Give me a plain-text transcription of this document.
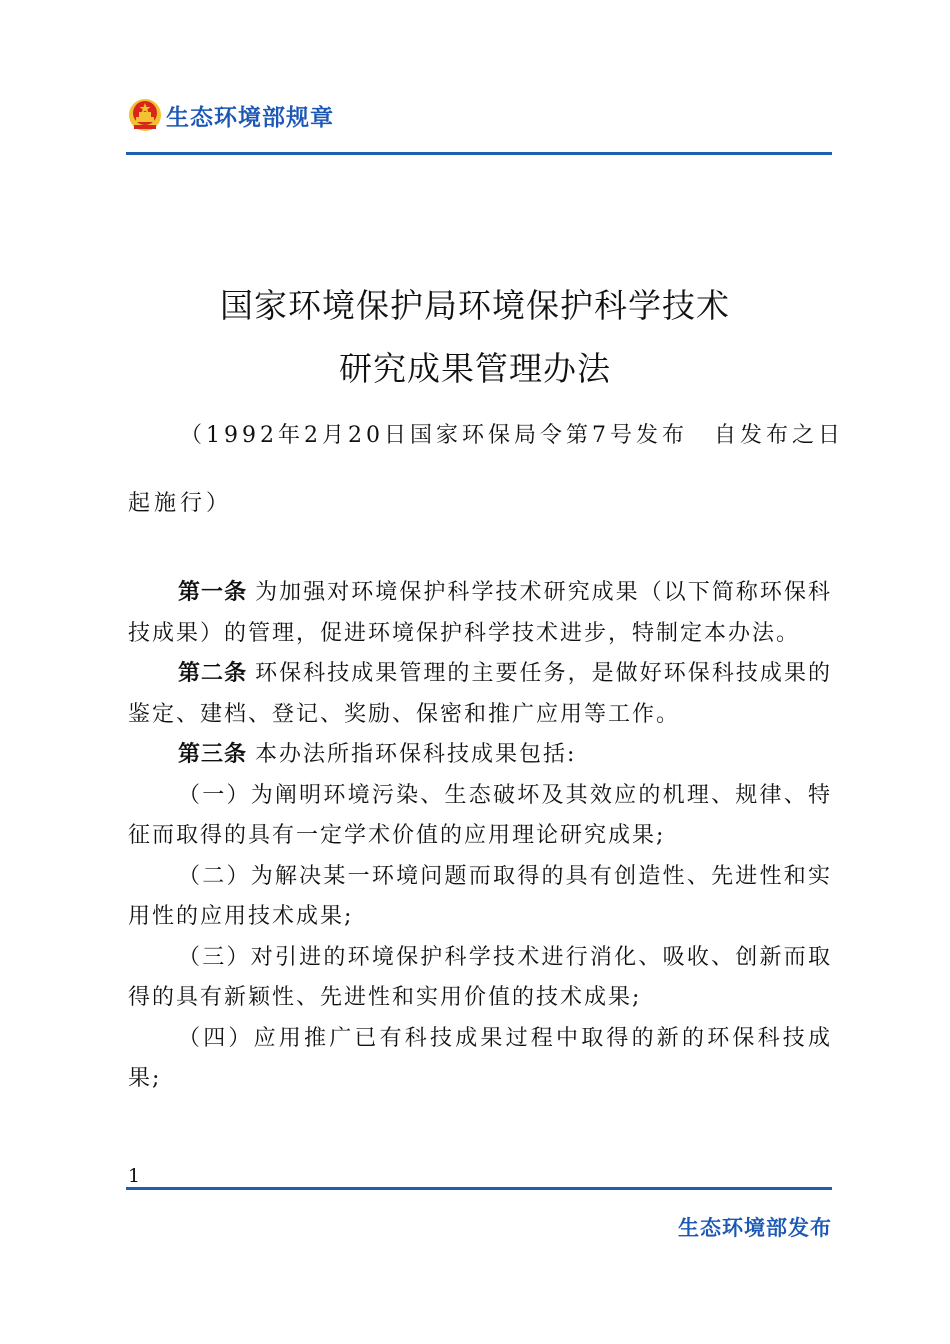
生态环境部规章
国家环境保护局环境保护科学技术
研究成果管理办法
（1992年2月20日国家环保局令第7号发布　自发布之日
起施行）

第一条 为加强对环境保护科学技术研究成果（以下简称环保科技成果）的管理，促进环境保护科学技术进步，特制定本办法。

第二条 环保科技成果管理的主要任务，是做好环保科技成果的鉴定、建档、登记、奖励、保密和推广应用等工作。

第三条 本办法所指环保科技成果包括:

（一）为阐明环境污染、生态破坏及其效应的机理、规律、特征而取得的具有一定学术价值的应用理论研究成果;

（二）为解决某一环境问题而取得的具有创造性、先进性和实用性的应用技术成果;

（三）对引进的环境保护科学技术进行消化、吸收、创新而取得的具有新颖性、先进性和实用价值的技术成果;

（四）应用推广已有科技成果过程中取得的新的环保科技成果;

1
生态环境部发布
